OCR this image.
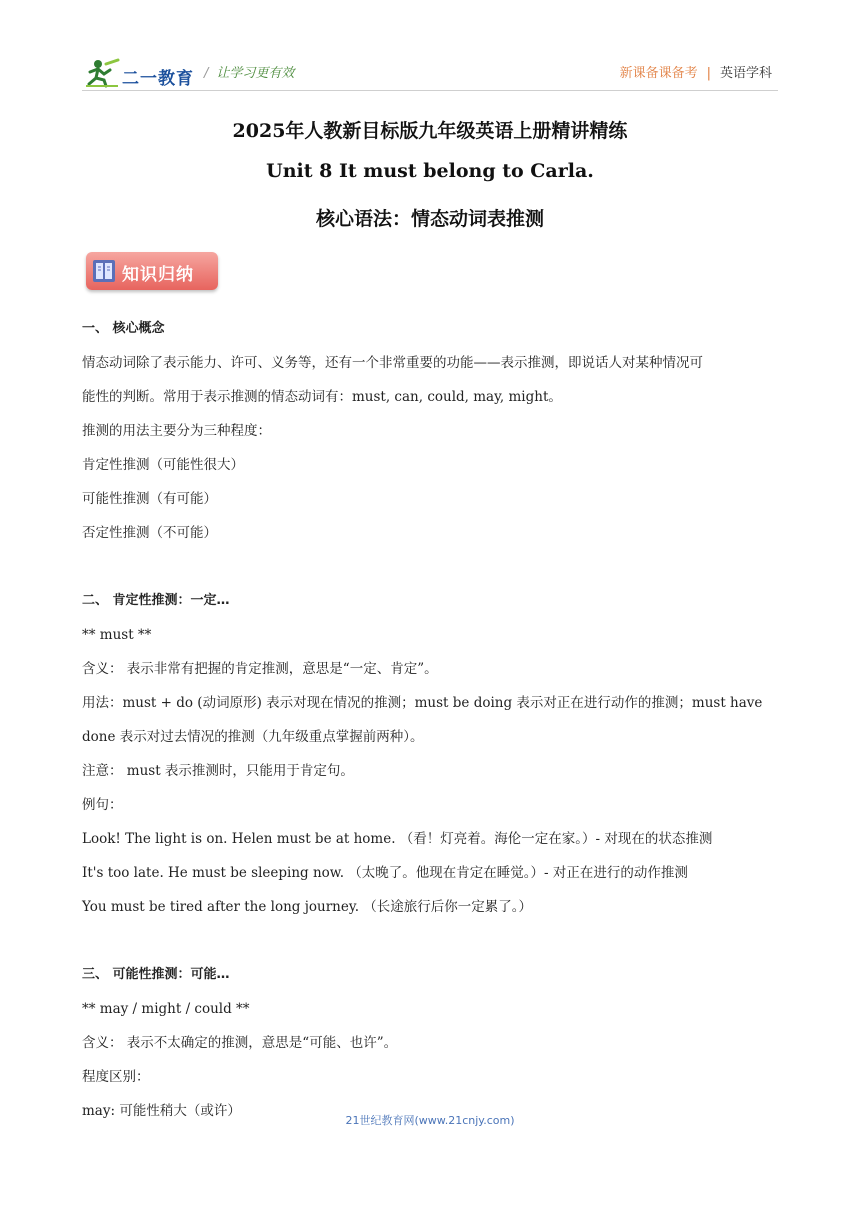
二一教育 / 让学习更有效	新课备课备考 | 英语学科
2025年人教新目标版九年级英语上册精讲精练
Unit 8 It must belong to Carla.
核心语法：情态动词表推测
知识归纳

一、 核心概念

情态动词除了表示能力、许可、义务等，还有一个非常重要的功能——表示推测，即说话人对某种情况可

能性的判断。常用于表示推测的情态动词有：must, can, could, may, might。

推测的用法主要分为三种程度：

肯定性推测（可能性很大）

可能性推测（有可能）

否定性推测（不可能）

二、 肯定性推测：一定…

** must **

含义： 表示非常有把握的肯定推测，意思是“一定、肯定”。

用法：must + do (动词原形) 表示对现在情况的推测；must be doing 表示对正在进行动作的推测；must have

done 表示对过去情况的推测（九年级重点掌握前两种）。

注意： must 表示推测时，只能用于肯定句。

例句：

Look! The light is on. Helen must be at home. （看！灯亮着。海伦一定在家。）- 对现在的状态推测

It's too late. He must be sleeping now. （太晚了。他现在肯定在睡觉。）- 对正在进行的动作推测

You must be tired after the long journey. （长途旅行后你一定累了。）

三、 可能性推测：可能…

** may / might / could **

含义： 表示不太确定的推测，意思是“可能、也许”。

程度区别：

may: 可能性稍大（或许）

21世纪教育网(www.21cnjy.com)
